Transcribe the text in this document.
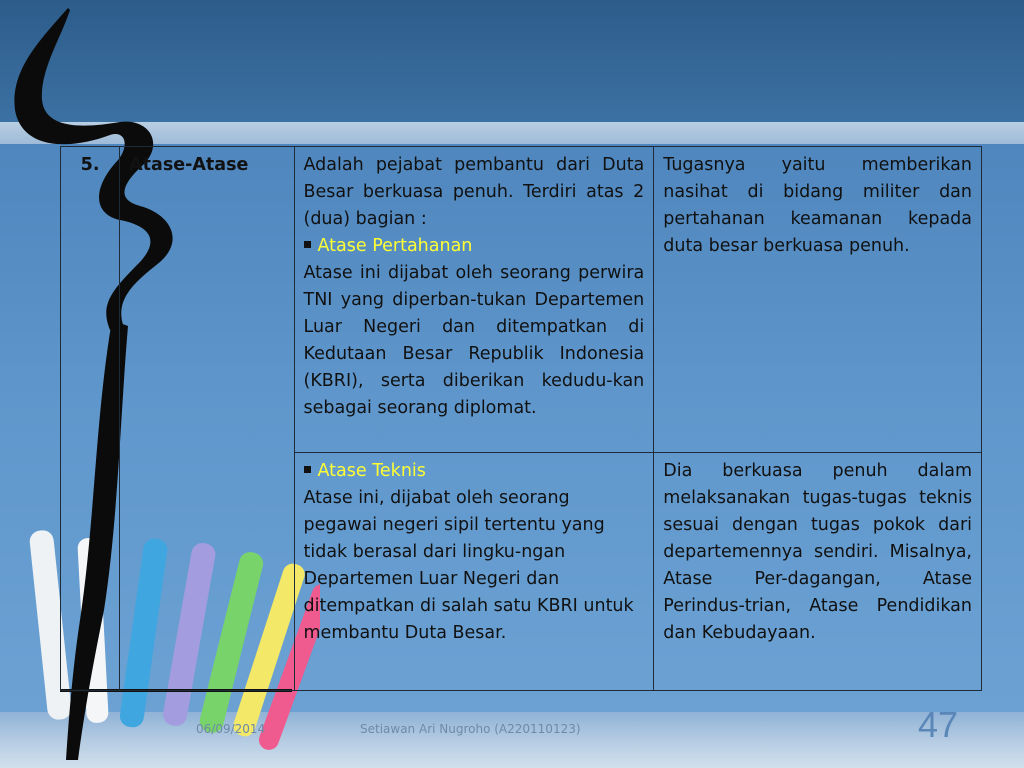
5.	Atase-Atase	Adalah pejabat pembantu dari Duta Besar berkuasa penuh. Terdiri atas 2 (dua) bagian :

Atase Pertahanan

Atase ini dijabat oleh seorang perwira TNI yang diperban-tukan Departemen Luar Negeri dan ditempatkan di Kedutaan Besar Republik Indonesia (KBRI), serta diberikan kedudu-kan sebagai seorang diplomat.	Tugasnya yaitu memberikan nasihat di bidang militer dan pertahanan keamanan kepada duta besar berkuasa penuh.

		Atase Teknis

Atase ini, dijabat oleh seorang pegawai negeri sipil tertentu yang tidak berasal dari lingku-ngan Departemen Luar Negeri dan ditempatkan di salah satu KBRI untuk membantu Duta Besar.	Dia berkuasa penuh dalam melaksanakan tugas-tugas teknis sesuai dengan tugas pokok dari departemennya sendiri. Misalnya, Atase Per-dagangan, Atase Perindus-trian, Atase Pendidikan dan Kebudayaan.
06/09/2014	Setiawan Ari Nugroho (A220110123)	47
